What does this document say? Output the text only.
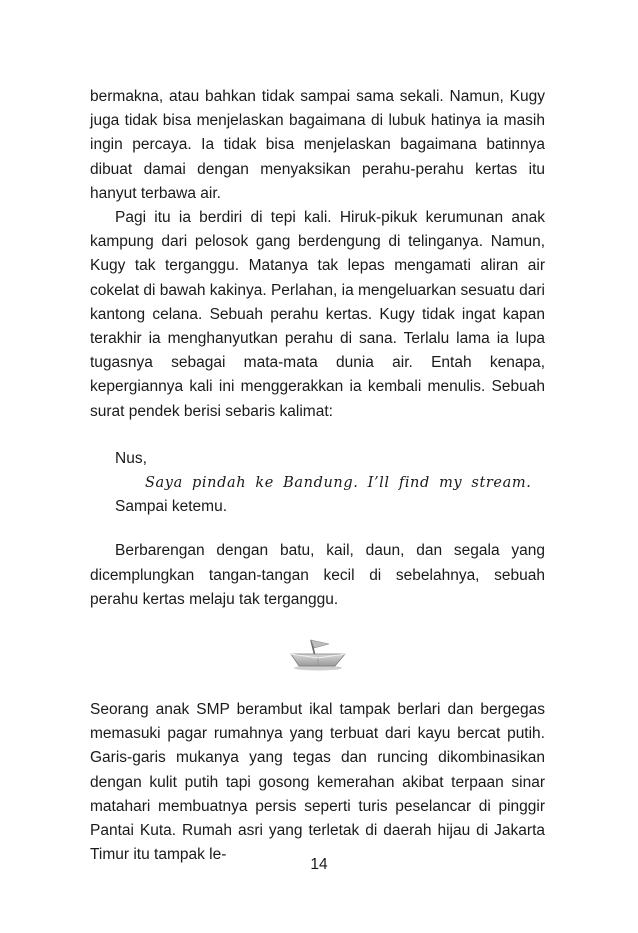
bermakna, atau bahkan tidak sampai sama sekali. Namun, Kugy juga tidak bisa menjelaskan bagaimana di lubuk hatinya ia masih ingin percaya. Ia tidak bisa menjelaskan bagaimana batinnya dibuat damai dengan menyaksikan perahu-perahu kertas itu hanyut terbawa air.

Pagi itu ia berdiri di tepi kali. Hiruk-pikuk kerumunan anak kampung dari pelosok gang berdengung di telinganya. Namun, Kugy tak terganggu. Matanya tak lepas mengamati aliran air cokelat di bawah kakinya. Perlahan, ia mengeluarkan sesuatu dari kantong celana. Sebuah perahu kertas. Kugy tidak ingat kapan terakhir ia menghanyutkan perahu di sana. Terlalu lama ia lupa tugasnya sebagai mata-mata dunia air. Entah kenapa, kepergiannya kali ini menggerakkan ia kembali menulis. Sebuah surat pendek berisi sebaris kalimat:

Nus,
Saya pindah ke Bandung. I’ll find my stream.
Sampai ketemu.

Berbarengan dengan batu, kail, daun, dan segala yang dicemplungkan tangan-tangan kecil di sebelahnya, sebuah perahu kertas melaju tak terganggu.

Seorang anak SMP berambut ikal tampak berlari dan bergegas memasuki pagar rumahnya yang terbuat dari kayu bercat putih. Garis-garis mukanya yang tegas dan runcing dikombinasikan dengan kulit putih tapi gosong kemerahan akibat terpaan sinar matahari membuatnya persis seperti turis peselancar di pinggir Pantai Kuta. Rumah asri yang terletak di daerah hijau di Jakarta Timur itu tampak le-

14
